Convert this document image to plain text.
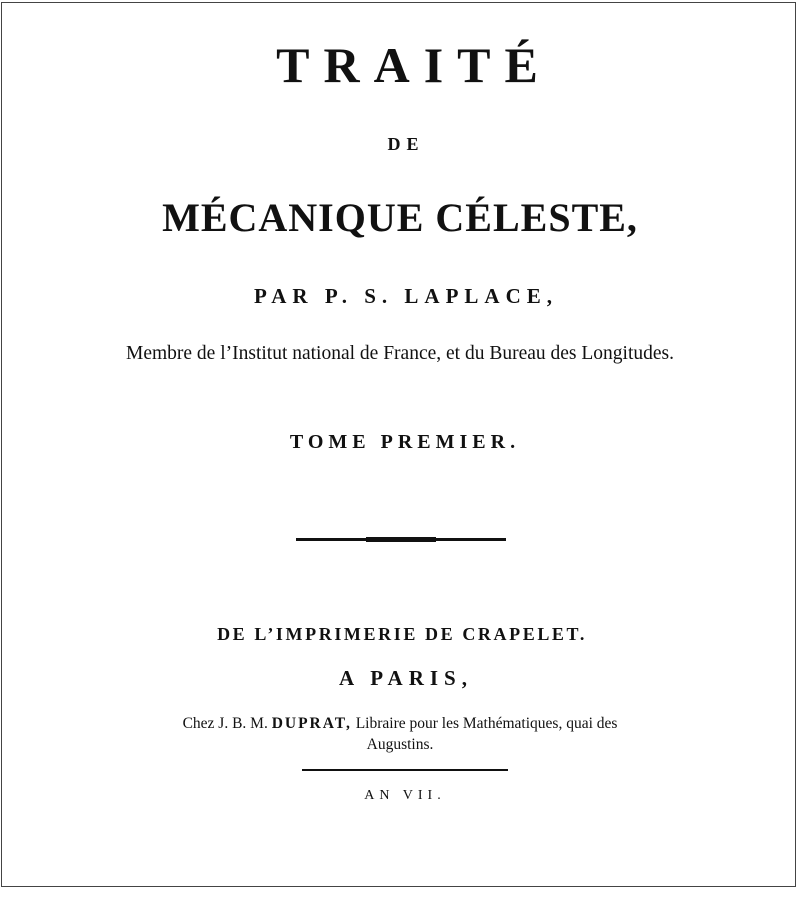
TRAITÉ
DE
MÉCANIQUE CÉLESTE,
PAR P. S. LAPLACE,
Membre de l’Institut national de France, et du Bureau des Longitudes.
TOME PREMIER.
DE L’IMPRIMERIE DE CRAPELET.
A PARIS,
Chez J. B. M. DUPRAT, Libraire pour les Mathématiques, quai des Augustins.
AN VII.
